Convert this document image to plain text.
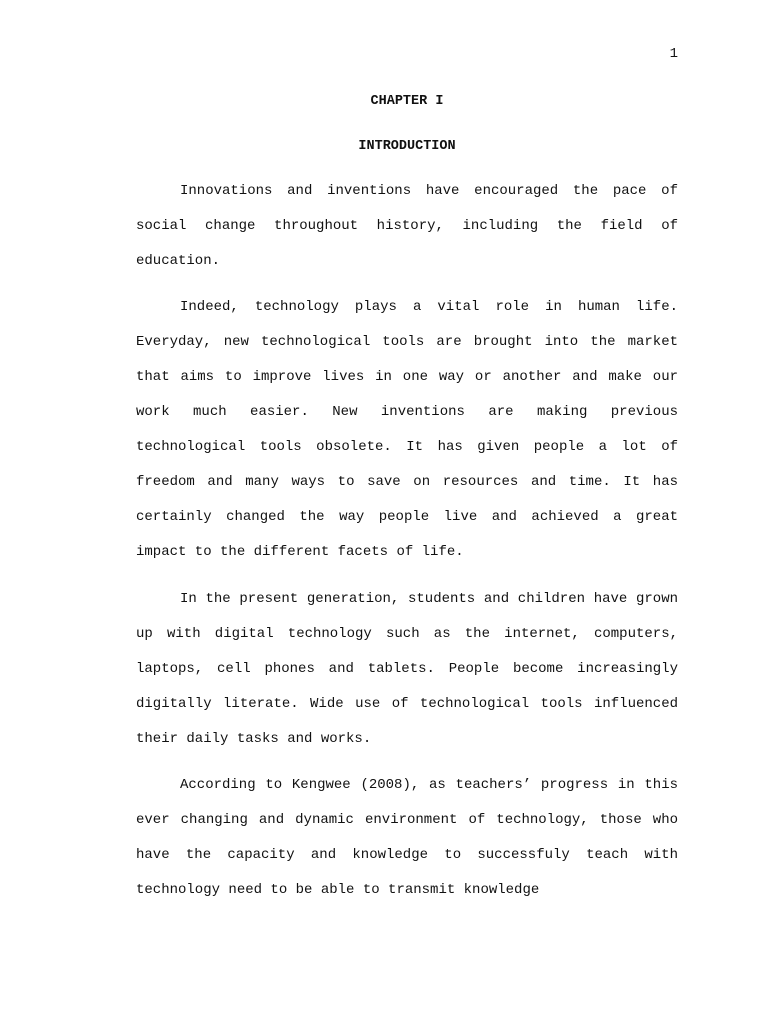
1
CHAPTER I
INTRODUCTION

Innovations and inventions have encouraged the pace of social change throughout history, including the field of education.

Indeed, technology plays a vital role in human life. Everyday, new technological tools are brought into the market that aims to improve lives in one way or another and make our work much easier. New inventions are making previous technological tools obsolete. It has given people a lot of freedom and many ways to save on resources and time. It has certainly changed the way people live and achieved a great impact to the different facets of life.

In the present generation, students and children have grown up with digital technology such as the internet, computers, laptops, cell phones and tablets. People become increasingly digitally literate. Wide use of technological tools influenced their daily tasks and works.

According to Kengwee (2008), as teachers’ progress in this ever changing and dynamic environment of technology, those who have the capacity and knowledge to successfuly teach with technology need to be able to transmit knowledge
